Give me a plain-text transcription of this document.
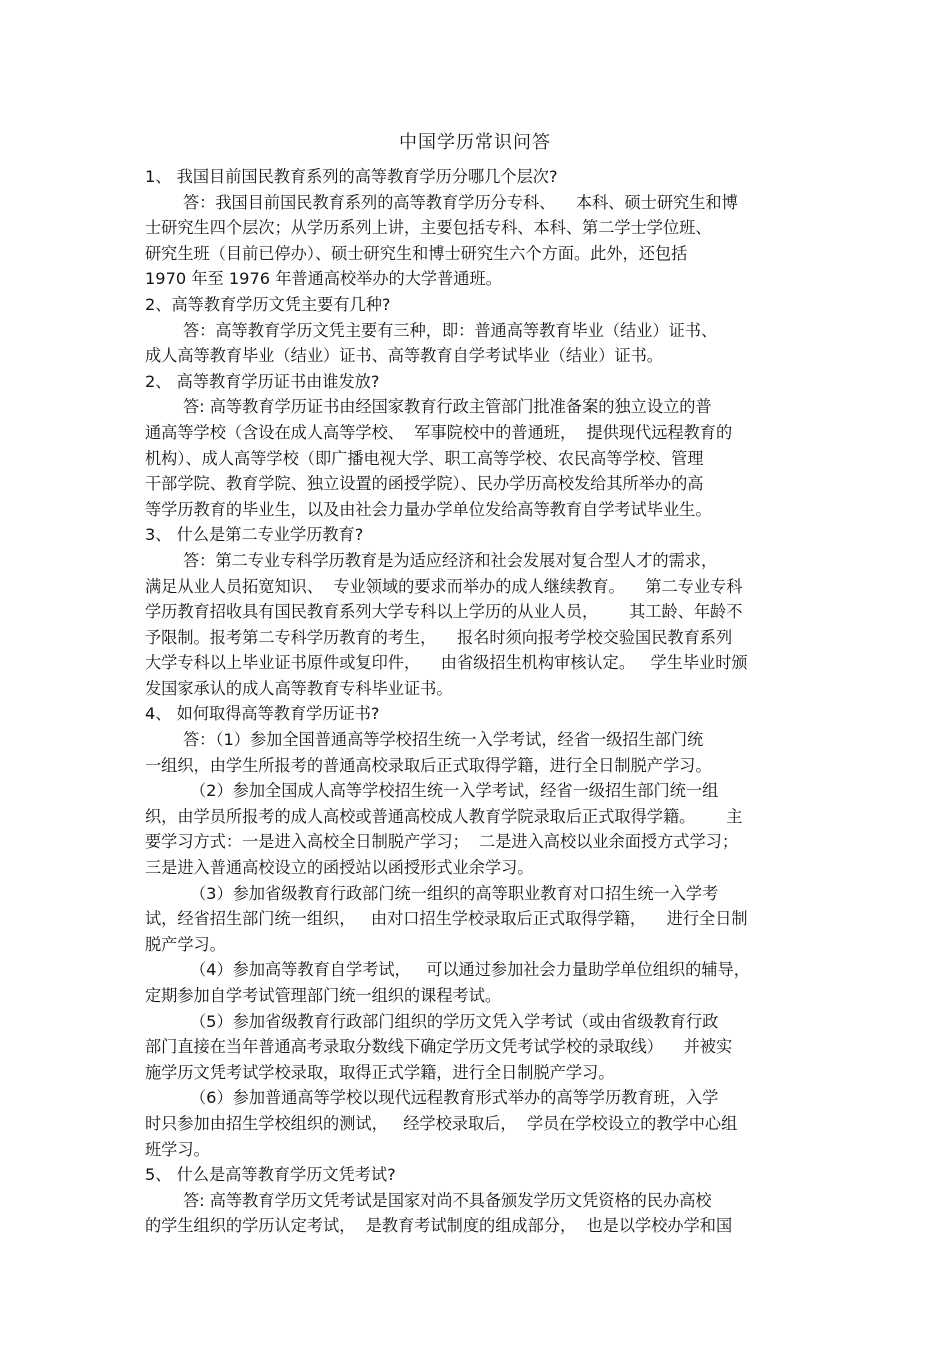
中国学历常识问答
1、 我国目前国民教育系列的高等教育学历分哪几个层次?
答：我国目前国民教育系列的高等教育学历分专科、    本科、硕士研究生和博
士研究生四个层次；从学历系列上讲，主要包括专科、本科、第二学士学位班、
研究生班（目前已停办）、硕士研究生和博士研究生六个方面。此外，还包括
1970 年至 1976 年普通高校举办的大学普通班。
2、高等教育学历文凭主要有几种?
答：高等教育学历文凭主要有三种，即：普通高等教育毕业（结业）证书、
成人高等教育毕业（结业）证书、高等教育自学考试毕业（结业）证书。
2、 高等教育学历证书由谁发放?
答: 高等教育学历证书由经国家教育行政主管部门批准备案的独立设立的普
通高等学校（含设在成人高等学校、  军事院校中的普通班，  提供现代远程教育的
机构）、成人高等学校（即广播电视大学、职工高等学校、农民高等学校、管理
干部学院、教育学院、独立设置的函授学院）、民办学历高校发给其所举办的高
等学历教育的毕业生，以及由社会力量办学单位发给高等教育自学考试毕业生。
3、 什么是第二专业学历教育?
答：第二专业专科学历教育是为适应经济和社会发展对复合型人才的需求，
满足从业人员拓宽知识、  专业领域的要求而举办的成人继续教育。    第二专业专科
学历教育招收具有国民教育系列大学专科以上学历的从业人员，      其工龄、年龄不
予限制。报考第二专科学历教育的考生，    报名时须向报考学校交验国民教育系列
大学专科以上毕业证书原件或复印件，    由省级招生机构审核认定。   学生毕业时颁
发国家承认的成人高等教育专科毕业证书。
4、 如何取得高等教育学历证书?
答：（1）参加全国普通高等学校招生统一入学考试，经省一级招生部门统
一组织，由学生所报考的普通高校录取后正式取得学籍，进行全日制脱产学习。
（2）参加全国成人高等学校招生统一入学考试，经省一级招生部门统一组
织，由学员所报考的成人高校或普通高校成人教育学院录取后正式取得学籍。      主
要学习方式：一是进入高校全日制脱产学习；  二是进入高校以业余面授方式学习；
三是进入普通高校设立的函授站以函授形式业余学习。
（3）参加省级教育行政部门统一组织的高等职业教育对口招生统一入学考
试，经省招生部门统一组织，   由对口招生学校录取后正式取得学籍，    进行全日制
脱产学习。
（4）参加高等教育自学考试，   可以通过参加社会力量助学单位组织的辅导，
定期参加自学考试管理部门统一组织的课程考试。
（5）参加省级教育行政部门组织的学历文凭入学考试（或由省级教育行政
部门直接在当年普通高考录取分数线下确定学历文凭考试学校的录取线）    并被实
施学历文凭考试学校录取，取得正式学籍，进行全日制脱产学习。
（6）参加普通高等学校以现代远程教育形式举办的高等学历教育班，入学
时只参加由招生学校组织的测试，   经学校录取后，  学员在学校设立的教学中心组
班学习。
5、 什么是高等教育学历文凭考试?
答: 高等教育学历文凭考试是国家对尚不具备颁发学历文凭资格的民办高校
的学生组织的学历认定考试，  是教育考试制度的组成部分，  也是以学校办学和国
